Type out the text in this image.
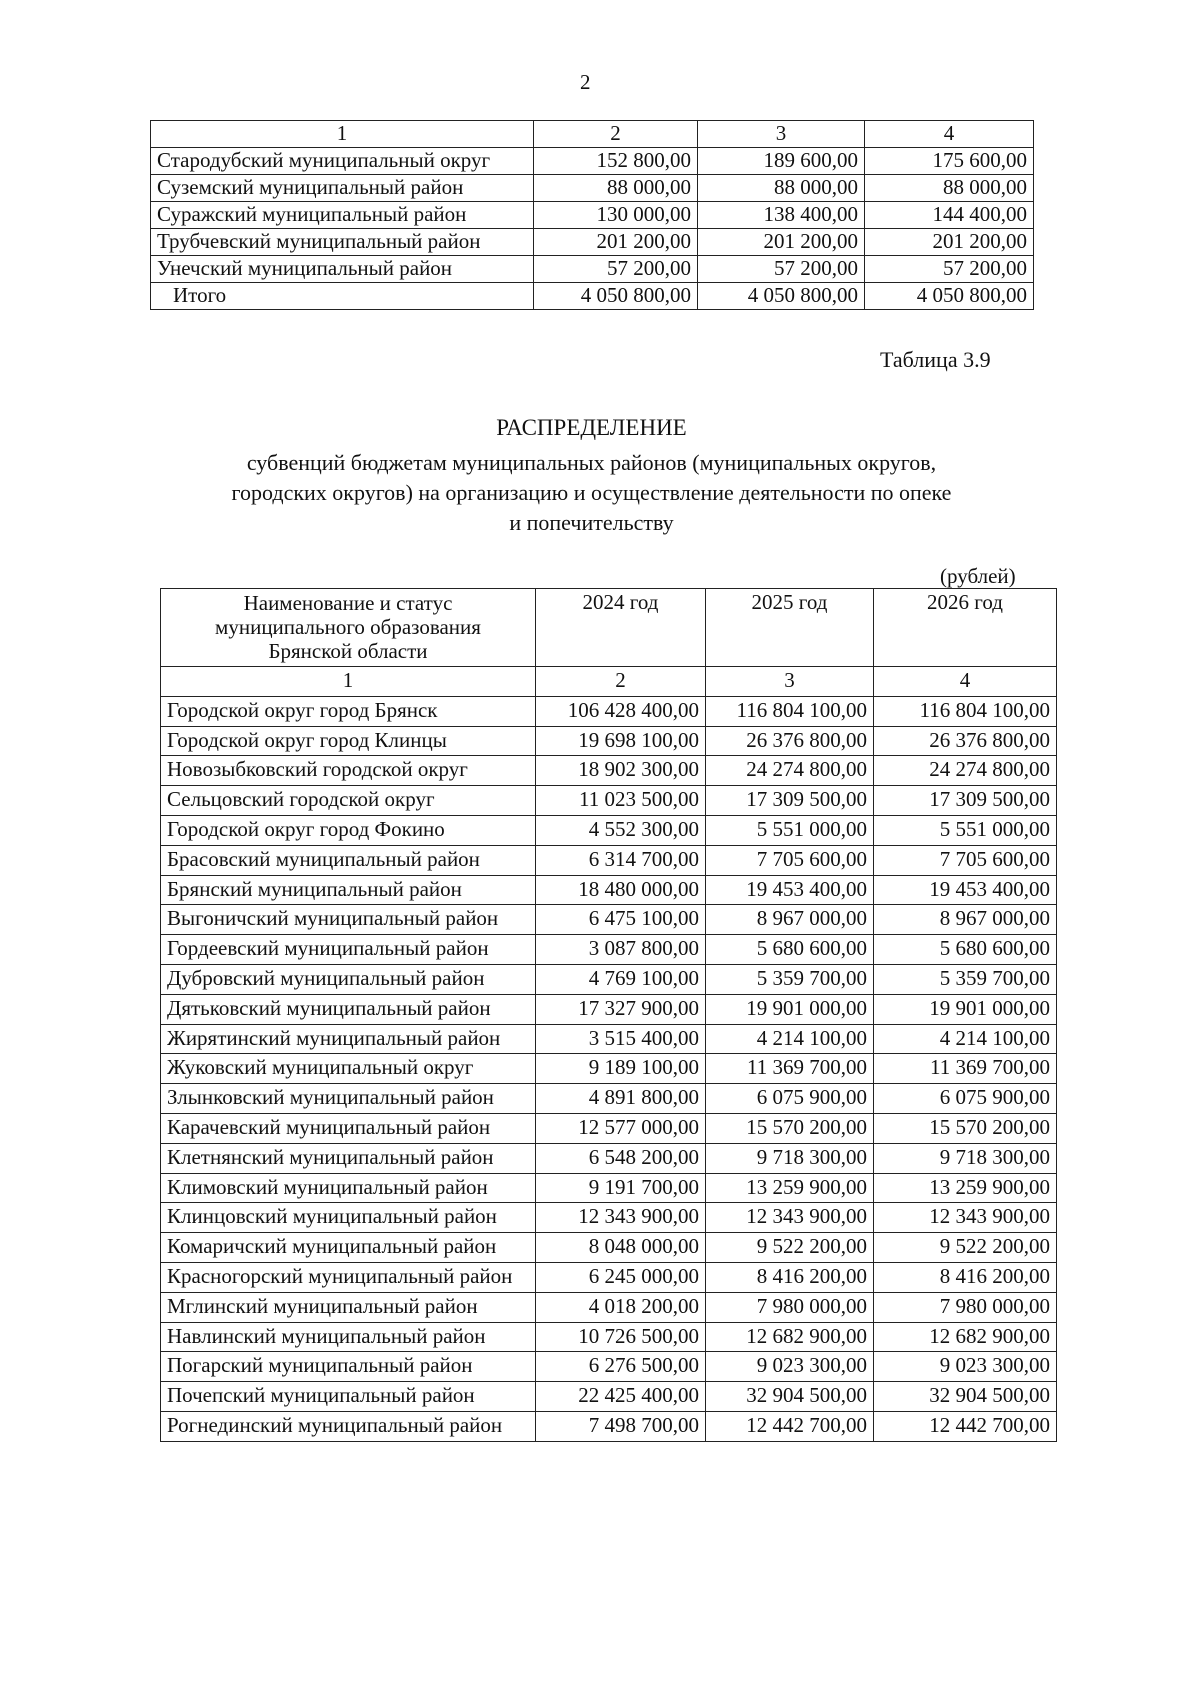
2
1	2	3	4
Стародубский муниципальный округ	152 800,00	189 600,00	175 600,00
Суземский муниципальный район	88 000,00	88 000,00	88 000,00
Суражский муниципальный район	130 000,00	138 400,00	144 400,00
Трубчевский муниципальный район	201 200,00	201 200,00	201 200,00
Унечский муниципальный район	57 200,00	57 200,00	57 200,00
Итого	4 050 800,00	4 050 800,00	4 050 800,00
Таблица 3.9
РАСПРЕДЕЛЕНИЕ
субвенций бюджетам муниципальных районов (муниципальных округов,
городских округов) на организацию и осуществление деятельности по опеке
и попечительству
(рублей)
Наименование и статус муниципального образования Брянской области	2024 год	2025 год	2026 год
1	2	3	4
Городской округ город Брянск	106 428 400,00	116 804 100,00	116 804 100,00
Городской округ город Клинцы	19 698 100,00	26 376 800,00	26 376 800,00
Новозыбковский городской округ	18 902 300,00	24 274 800,00	24 274 800,00
Сельцовский городской округ	11 023 500,00	17 309 500,00	17 309 500,00
Городской округ город Фокино	4 552 300,00	5 551 000,00	5 551 000,00
Брасовский муниципальный район	6 314 700,00	7 705 600,00	7 705 600,00
Брянский муниципальный район	18 480 000,00	19 453 400,00	19 453 400,00
Выгоничский муниципальный район	6 475 100,00	8 967 000,00	8 967 000,00
Гордеевский муниципальный район	3 087 800,00	5 680 600,00	5 680 600,00
Дубровский муниципальный район	4 769 100,00	5 359 700,00	5 359 700,00
Дятьковский муниципальный район	17 327 900,00	19 901 000,00	19 901 000,00
Жирятинский муниципальный район	3 515 400,00	4 214 100,00	4 214 100,00
Жуковский муниципальный округ	9 189 100,00	11 369 700,00	11 369 700,00
Злынковский муниципальный район	4 891 800,00	6 075 900,00	6 075 900,00
Карачевский муниципальный район	12 577 000,00	15 570 200,00	15 570 200,00
Клетнянский муниципальный район	6 548 200,00	9 718 300,00	9 718 300,00
Климовский муниципальный район	9 191 700,00	13 259 900,00	13 259 900,00
Клинцовский муниципальный район	12 343 900,00	12 343 900,00	12 343 900,00
Комаричский муниципальный район	8 048 000,00	9 522 200,00	9 522 200,00
Красногорский муниципальный район	6 245 000,00	8 416 200,00	8 416 200,00
Мглинский муниципальный район	4 018 200,00	7 980 000,00	7 980 000,00
Навлинский муниципальный район	10 726 500,00	12 682 900,00	12 682 900,00
Погарский муниципальный район	6 276 500,00	9 023 300,00	9 023 300,00
Почепский муниципальный район	22 425 400,00	32 904 500,00	32 904 500,00
Рогнединский муниципальный район	7 498 700,00	12 442 700,00	12 442 700,00
